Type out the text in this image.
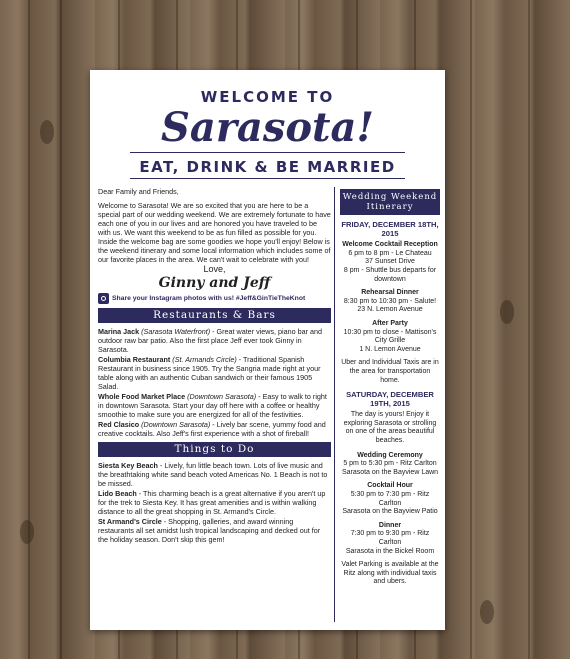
WELCOME TO
Sarasota!
EAT, DRINK & BE MARRIED

Dear Family and Friends,

Welcome to Sarasota! We are so excited that you are here to be a special part of our wedding weekend. We are extremely fortunate to have each one of you in our lives and are honored you have traveled to be with us. We want this weekend to be as fun filled as possible for you. Inside the welcome bag are some goodies we hope you'll enjoy! Below is the weekend itinerary and some local information which includes some of our favorite places in the area. We can't wait to celebrate with you!

Love,

Ginny and Jeff

Share your Instagram photos with us! #Jeff&GinTieTheKnot
Restaurants & Bars
Marina Jack (Sarasota Waterfront) - Great water views, piano bar and outdoor raw bar patio. Also the first place Jeff ever took Ginny in Sarasota.
Columbia Restaurant (St. Armands Circle) - Traditional Spanish Restaurant in business since 1905. Try the Sangria made right at your table along with an authentic Cuban sandwich or their famous 1905 Salad.
Whole Food Market Place (Downtown Sarasota) - Easy to walk to right in downtown Sarasota. Start your day off here with a coffee or healthy smoothie to make sure you are energized for all of the festivities.
Red Clasico (Downtown Sarasota) - Lively bar scene, yummy food and creative cocktails. Also Jeff's first experience with a shot of fireball!
Things to Do
Siesta Key Beach - Lively, fun little beach town. Lots of live music and the breathtaking white sand beach voted Americas No. 1 Beach is not to be missed.
Lido Beach - This charming beach is a great alternative if you aren't up for the trek to Siesta Key. It has great amenities and is within walking distance to all the great shopping in St. Armand's Circle.
St Armand's Circle - Shopping, galleries, and award winning restaurants all set amidst lush tropical landscaping and decked out for the holiday season. Don't skip this gem!
Wedding Weekend Itinerary
FRIDAY, DECEMBER 18TH, 2015
Welcome Cocktail Reception
6 pm to 8 pm - Le Chateau
37 Sunset Drive
8 pm - Shuttle bus departs for downtown
Rehearsal Dinner
8:30 pm to 10:30 pm - Salute!
23 N. Lemon Avenue
After Party
10:30 pm to close - Mattison's City Grille
1 N. Lemon Avenue
Uber and Individual Taxis are in the area for transportation home.
SATURDAY, DECEMBER 19TH, 2015
The day is yours! Enjoy it exploring Sarasota or strolling on one of the areas beautiful beaches.
Wedding Ceremony
5 pm to 5:30 pm - Ritz Carlton
Sarasota on the Bayview Lawn
Cocktail Hour
5:30 pm to 7:30 pm - Ritz Carlton
Sarasota on the Bayview Patio
Dinner
7:30 pm to 9:30 pm - Ritz Carlton
Sarasota in the Bickel Room
Valet Parking is available at the Ritz along with individual taxis and ubers.
